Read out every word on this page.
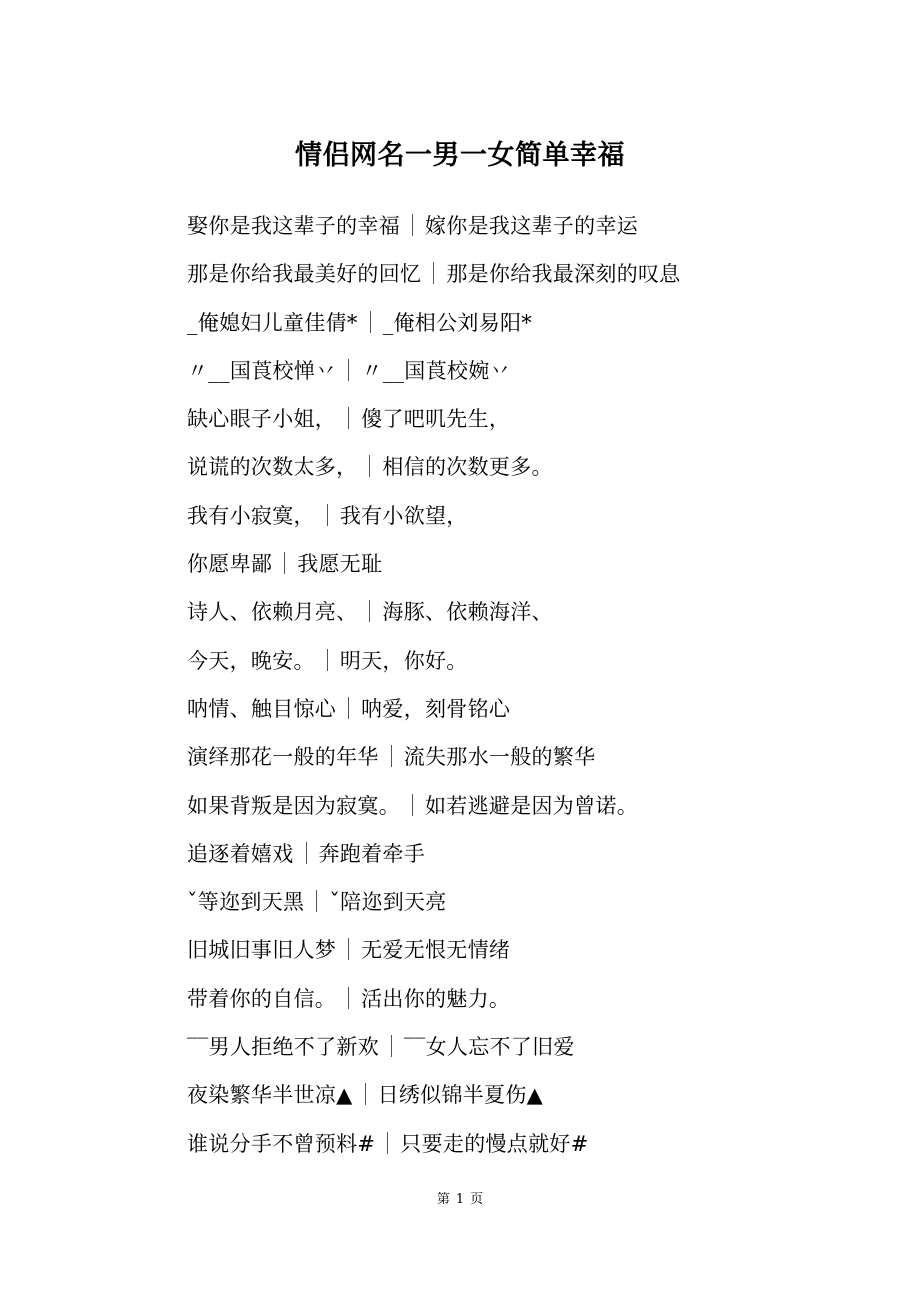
情侣网名一男一女简单幸福
娶你是我这辈子的幸福 嫁你是我这辈子的幸运
那是你给我最美好的回忆 那是你给我最深刻的叹息
_俺媳妇儿童佳倩* _俺相公刘易阳*
〃__国莨校惮丷 〃__国莨校婉丷
缺心眼子小姐， 傻了吧叽先生，
说谎的次数太多， 相信的次数更多。
我有小寂寞， 我有小欲望，
你愿卑鄙 我愿无耻
诗人、依赖月亮、 海豚、依赖海洋、
今天，晚安。 明天，你好。
呐情、触目惊心 呐爱，刻骨铭心
演绎那花一般的年华 流失那水一般的繁华
如果背叛是因为寂寞。 如若逃避是因为曾诺。
追逐着嬉戏 奔跑着牵手
ˇ等迩到天黑 ˇ陪迩到天亮
旧城旧事旧人梦 无爱无恨无情绪
带着你的自信。 活出你的魅力。
‾‾男人拒绝不了新欢 ‾‾女人忘不了旧爱
夜染繁华半世凉▲ 日绣似锦半夏伤▲
谁说分手不曾预料# 只要走的慢点就好#
第 1 页
